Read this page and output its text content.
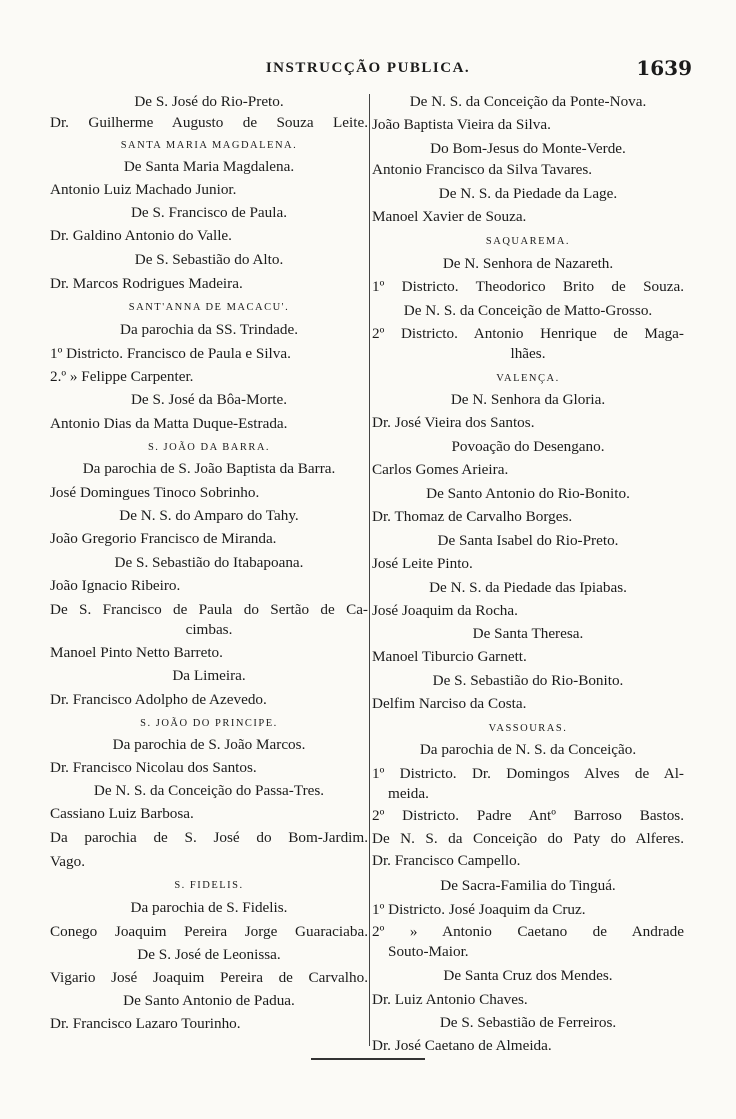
INSTRUCÇÃO PUBLICA.	1639
De S. José do Rio-Preto.
Dr. Guilherme Augusto de Souza Leite.
SANTA MARIA MAGDALENA.
De Santa Maria Magdalena.
Antonio Luiz Machado Junior.
De S. Francisco de Paula.
Dr. Galdino Antonio do Valle.
De S. Sebastião do Alto.
Dr. Marcos Rodrigues Madeira.
SANT'ANNA DE MACACU'.
Da parochia da SS. Trindade.
1º Districto. Francisco de Paula e Silva.
2.º » Felippe Carpenter.
De S. José da Bôa-Morte.
Antonio Dias da Matta Duque-Estrada.
S. JOÃO DA BARRA.
Da parochia de S. João Baptista da Barra.
José Domingues Tinoco Sobrinho.
De N. S. do Amparo do Tahy.
João Gregorio Francisco de Miranda.
De S. Sebastião do Itabapoana.
João Ignacio Ribeiro.
De S. Francisco de Paula do Sertão de Ca-
cimbas.
Manoel Pinto Netto Barreto.
Da Limeira.
Dr. Francisco Adolpho de Azevedo.
S. JOÃO DO PRINCIPE.
Da parochia de S. João Marcos.
Dr. Francisco Nicolau dos Santos.
De N. S. da Conceição do Passa-Tres.
Cassiano Luiz Barbosa.
Da parochia de S. José do Bom-Jardim.
Vago.
S. FIDELIS.
Da parochia de S. Fidelis.
Conego Joaquim Pereira Jorge Guaraciaba.
De S. José de Leonissa.
Vigario José Joaquim Pereira de Carvalho.
De Santo Antonio de Padua.
Dr. Francisco Lazaro Tourinho.
De N. S. da Conceição da Ponte-Nova.
João Baptista Vieira da Silva.
Do Bom-Jesus do Monte-Verde.
Antonio Francisco da Silva Tavares.
De N. S. da Piedade da Lage.
Manoel Xavier de Souza.
SAQUAREMA.
De N. Senhora de Nazareth.
1º Districto. Theodorico Brito de Souza.
De N. S. da Conceição de Matto-Grosso.
2º Districto. Antonio Henrique de Maga-
lhães.
VALENÇA.
De N. Senhora da Gloria.
Dr. José Vieira dos Santos.
Povoação do Desengano.
Carlos Gomes Arieira.
De Santo Antonio do Rio-Bonito.
Dr. Thomaz de Carvalho Borges.
De Santa Isabel do Rio-Preto.
José Leite Pinto.
De N. S. da Piedade das Ipiabas.
José Joaquim da Rocha.
De Santa Theresa.
Manoel Tiburcio Garnett.
De S. Sebastião do Rio-Bonito.
Delfim Narciso da Costa.
VASSOURAS.
Da parochia de N. S. da Conceição.
1º Districto. Dr. Domingos Alves de Al-
meida.
2º Districto. Padre Antº Barroso Bastos.
De N. S. da Conceição do Paty do Alferes.
Dr. Francisco Campello.
De Sacra-Familia do Tinguá.
1º Districto. José Joaquim da Cruz.
2º » Antonio Caetano de Andrade
Souto-Maior.
De Santa Cruz dos Mendes.
Dr. Luiz Antonio Chaves.
De S. Sebastião de Ferreiros.
Dr. José Caetano de Almeida.
